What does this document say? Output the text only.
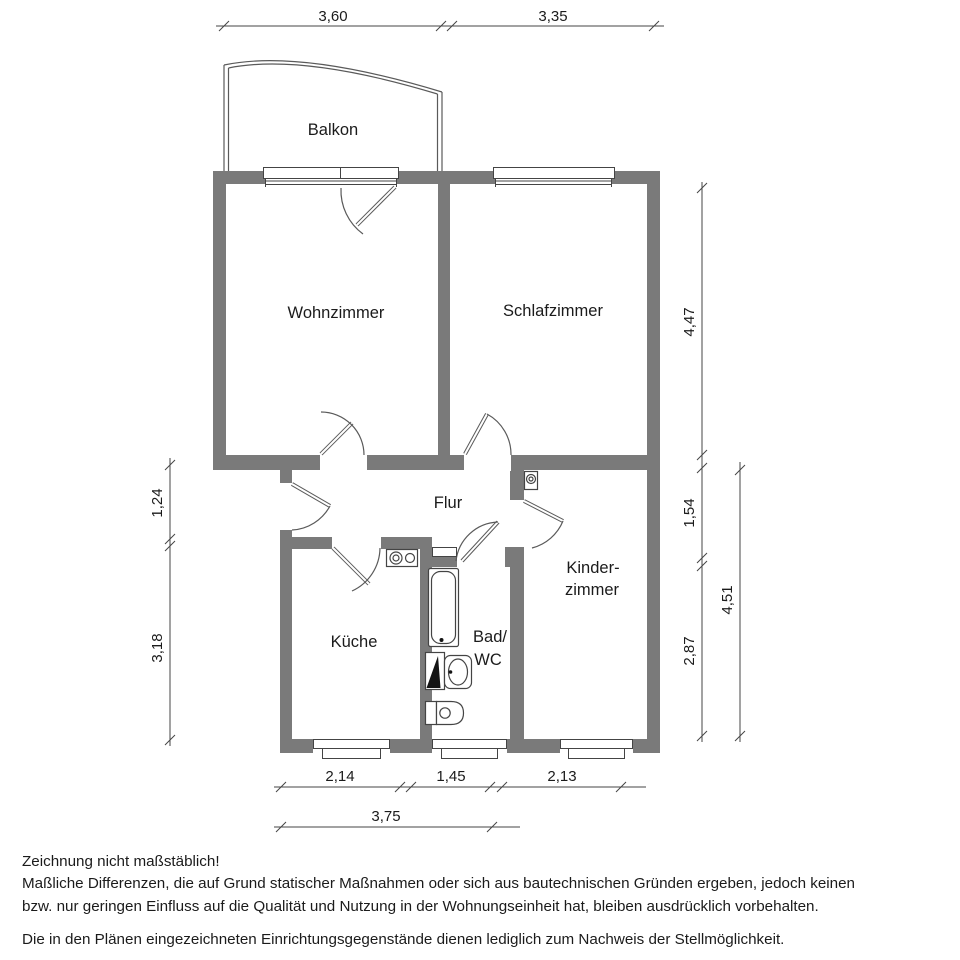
3,60	3,35
4,47
1,54
2,87
4,51
1,24
3,18
2,14	1,45	2,13
3,75
Balkon
Wohnzimmer	Schlafzimmer
Flur
Küche	Bad/
WC
Kinder-
zimmer

Zeichnung nicht maßstäblich!

Maßliche Differenzen, die auf Grund statischer Maßnahmen oder sich aus bautechnischen Gründen ergeben, jedoch keinen

bzw. nur geringen Einfluss auf die Qualität und Nutzung in der Wohnungseinheit hat, bleiben ausdrücklich vorbehalten.

Die in den Plänen eingezeichneten Einrichtungsgegenstände dienen lediglich zum Nachweis der Stellmöglichkeit.
